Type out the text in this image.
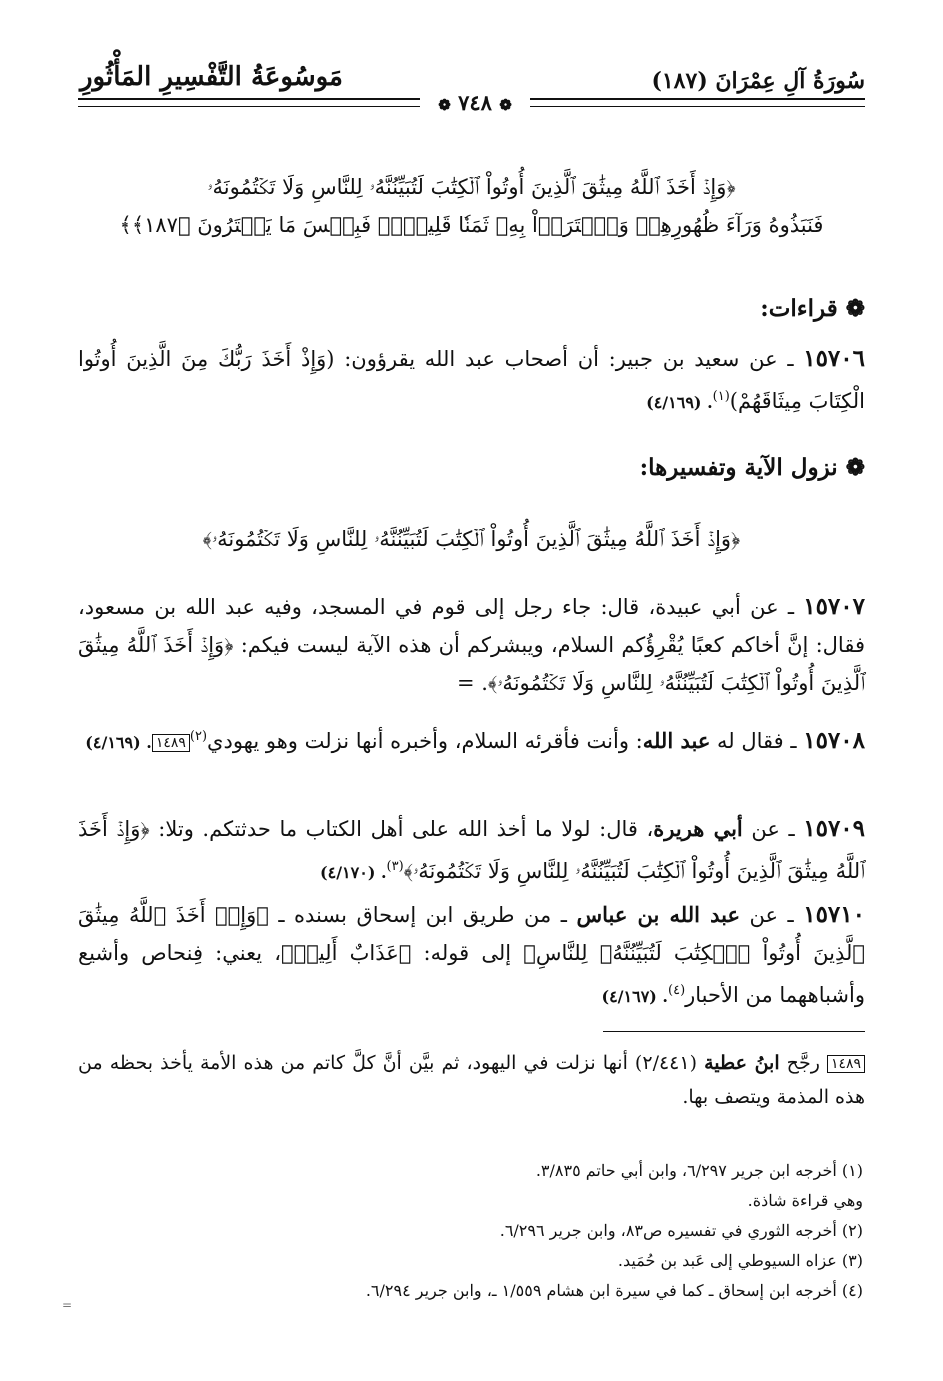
سُورَةُ آلِ عِمْرَانَ (١٨٧)
مَوسُوعَةُ التَّفْسِيرِ المَأْثُورِ
❁ ٧٤٨ ❁
﴿وَإِذۡ أَخَذَ ٱللَّهُ مِيثَٰقَ ٱلَّذِينَ أُوتُواْ ٱلۡكِتَٰبَ لَتُبَيِّنُنَّهُۥ لِلنَّاسِ وَلَا تَكۡتُمُونَهُۥ
فَنَبَذُوهُ وَرَآءَ ظُهُورِهِمۡ وَٱشۡتَرَوۡاْ بِهِۦ ثَمَنٗا قَلِيلٗاۖ فَبِئۡسَ مَا يَشۡتَرُونَ ﴿١٨٧﴾﴾
❁ قراءات:
١٥٧٠٦ ـ عن سعيد بن جبير: أن أصحاب عبد الله يقرؤون: (وَإِذْ أَخَذَ رَبُّكَ مِنَ الَّذِينَ أُوتُوا الْكِتَابَ مِيثَاقَهُمْ)$^{(١)}$. (٤/١٦٩)
❁ نزول الآية وتفسيرها:
﴿وَإِذۡ أَخَذَ ٱللَّهُ مِيثَٰقَ ٱلَّذِينَ أُوتُواْ ٱلۡكِتَٰبَ لَتُبَيِّنُنَّهُۥ لِلنَّاسِ وَلَا تَكۡتُمُونَهُۥ﴾
١٥٧٠٧ ـ عن أبي عبيدة، قال: جاء رجل إلى قوم في المسجد، وفيه عبد الله بن مسعود، فقال: إنَّ أخاكم كعبًا يُقْرِؤُكم السلام، ويبشركم أن هذه الآية ليست فيكم: ﴿وَإِذۡ أَخَذَ ٱللَّهُ مِيثَٰقَ ٱلَّذِينَ أُوتُواْ ٱلۡكِتَٰبَ لَتُبَيِّنُنَّهُۥ لِلنَّاسِ وَلَا تَكۡتُمُونَهُۥ﴾. =
١٥٧٠٨ ـ فقال له عبد الله: وأنت فأقرئه السلام، وأخبره أنها نزلت وهو يهودي$^{(٢)}$١٤٨٩. (٤/١٦٩)
١٥٧٠٩ ـ عن أبي هريرة، قال: لولا ما أخذ الله على أهل الكتاب ما حدثتكم. وتلا: ﴿وَإِذۡ أَخَذَ ٱللَّهُ مِيثَٰقَ ٱلَّذِينَ أُوتُواْ ٱلۡكِتَٰبَ لَتُبَيِّنُنَّهُۥ لِلنَّاسِ وَلَا تَكۡتُمُونَهُۥ﴾$^{(٣)}$. (٤/١٧٠)
١٥٧١٠ ـ عن عبد الله بن عباس ـ من طريق ابن إسحاق بسنده ـ ﴿وَإِذۡ أَخَذَ ٱللَّهُ مِيثَٰقَ ٱلَّذِينَ أُوتُواْ ٱلۡكِتَٰبَ لَتُبَيِّنُنَّهُۥ لِلنَّاسِ﴾ إلى قوله: ﴿عَذَابٌ أَلِيمٞ﴾، يعني: فِنحاص وأشيع وأشباههما من الأحبار$^{(٤)}$. (٤/١٦٧)
١٤٨٩ رجَّح ابنُ عطية (٢/٤٤١) أنها نزلت في اليهود، ثم بيَّن أنَّ كلَّ كاتم من هذه الأمة يأخذ بحظه من هذه المذمة ويتصف بها.
(١) أخرجه ابن جرير ٦/٢٩٧، وابن أبي حاتم ٣/٨٣٥.
وهي قراءة شاذة.
(٢) أخرجه الثوري في تفسيره ص٨٣، وابن جرير ٦/٢٩٦.
(٣) عزاه السيوطي إلى عَبد بن حُمَيد.
(٤) أخرجه ابن إسحاق ـ كما في سيرة ابن هشام ١/٥٥٩ ـ، وابن جرير ٦/٢٩٤.
=
